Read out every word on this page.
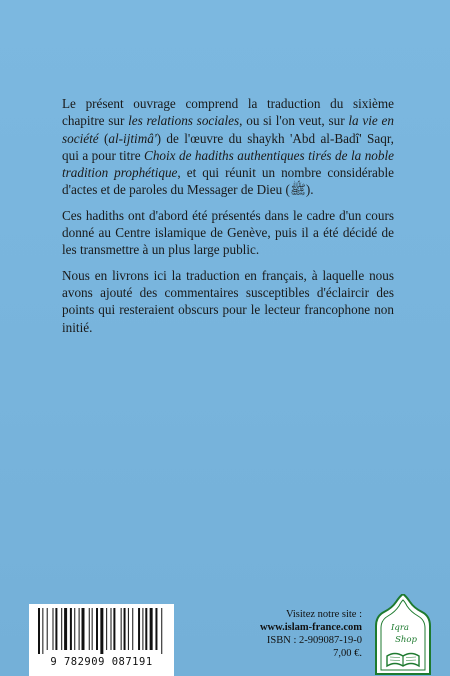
Le présent ouvrage comprend la traduction du sixième chapitre sur les relations sociales, ou si l'on veut, sur la vie en société (al-ijtimâ') de l'œuvre du shaykh 'Abd al-Badî' Saqr, qui a pour titre Choix de hadiths authentiques tirés de la noble tradition prophétique, et qui réunit un nombre considérable d'actes et de paroles du Messager de Dieu (ﷺ).

Ces hadiths ont d'abord été présentés dans le cadre d'un cours donné au Centre islamique de Genève, puis il a été décidé de les transmettre à un plus large public.

Nous en livrons ici la traduction en français, à laquelle nous avons ajouté des commentaires susceptibles d'éclaircir des points qui resteraient obscurs pour le lecteur francophone non initié.

9 782909 087191
Visitez notre site :
www.islam-france.com
ISBN : 2-909087-19-0
7,00 €.
Iqra
Shop
